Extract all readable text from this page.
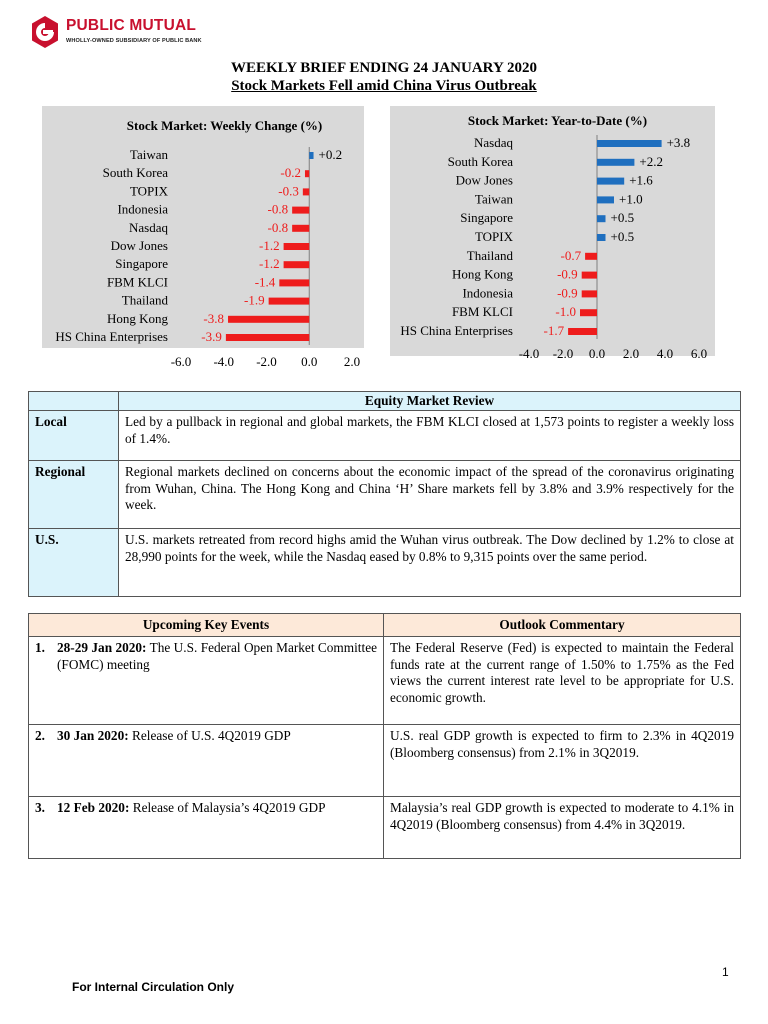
PUBLIC MUTUAL
WHOLLY-OWNED SUBSIDIARY OF PUBLIC BANK
WEEKLY BRIEF ENDING 24 JANUARY 2020
Stock Markets Fell amid China Virus Outbreak
Stock Market: Weekly Change (%)
Taiwan	+0.2
South Korea	-0.2
TOPIX	-0.3
Indonesia	-0.8
Nasdaq	-0.8
Dow Jones	-1.2
Singapore	-1.2
FBM KLCI	-1.4
Thailand	-1.9
Hong Kong	-3.8
HS China Enterprises	-3.9
-6.0 -4.0 -2.0 0.0 2.0
Stock Market: Year-to-Date (%)
Nasdaq	+3.8
South Korea	+2.2
Dow Jones	+1.6
Taiwan	+1.0
Singapore	+0.5
TOPIX	+0.5
Thailand	-0.7
Hong Kong	-0.9
Indonesia	-0.9
FBM KLCI	-1.0
HS China Enterprises -1.7
-4.0 -2.0 0.0 2.0 4.0 6.0
	Equity Market Review
Local	Led by a pullback in regional and global markets, the FBM KLCI closed at 1,573 points to register a weekly loss of 1.4%.
Regional	Regional markets declined on concerns about the economic impact of the spread of the coronavirus originating from Wuhan, China. The Hong Kong and China ‘H’ Share markets fell by 3.8% and 3.9% respectively for the week.
U.S.	U.S. markets retreated from record highs amid the Wuhan virus outbreak. The Dow declined by 1.2% to close at 28,990 points for the week, while the Nasdaq eased by 0.8% to 9,315 points over the same period.
Upcoming Key Events	Outlook Commentary

1. 28-29 Jan 2020: The U.S. Federal Open Market Committee (FOMC) meeting	The Federal Reserve (Fed) is expected to maintain the Federal funds rate at the current range of 1.50% to 1.75% as the Fed views the current interest rate level to be appropriate for U.S. economic growth.

2. 30 Jan 2020: Release of U.S. 4Q2019 GDP	U.S. real GDP growth is expected to firm to 2.3% in 4Q2019 (Bloomberg consensus) from 2.1% in 3Q2019.

3. 12 Feb 2020: Release of Malaysia’s 4Q2019 GDP	Malaysia’s real GDP growth is expected to moderate to 4.1% in 4Q2019 (Bloomberg consensus) from 4.4% in 3Q2019.
1
For Internal Circulation Only
